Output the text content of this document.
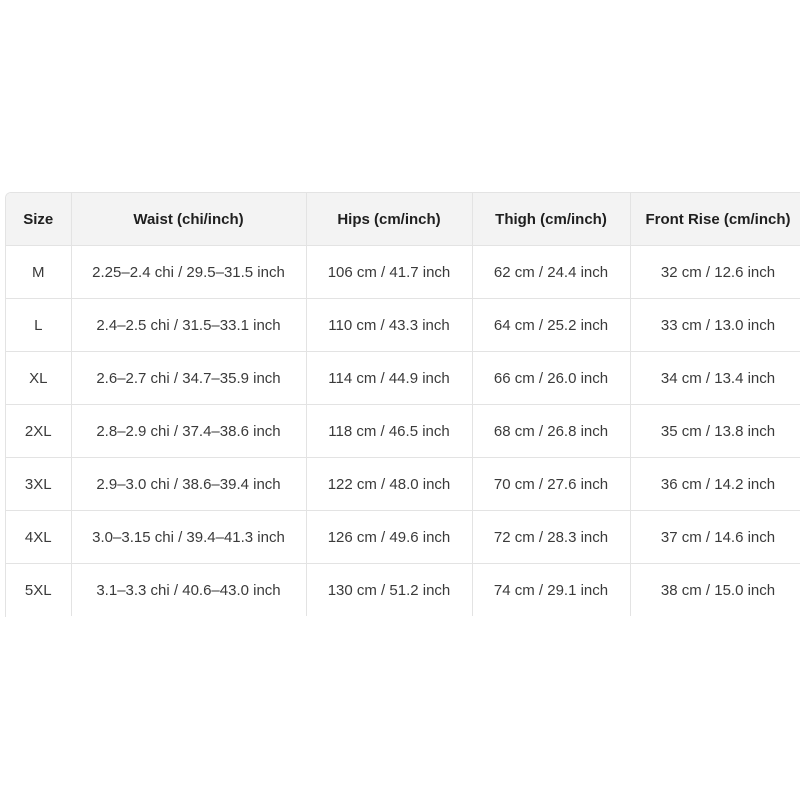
Size	Waist (chi/inch)	Hips (cm/inch)	Thigh (cm/inch)	Front Rise (cm/inch)
M	2.25–2.4 chi / 29.5–31.5 inch	106 cm / 41.7 inch	62 cm / 24.4 inch	32 cm / 12.6 inch
L	2.4–2.5 chi / 31.5–33.1 inch	110 cm / 43.3 inch	64 cm / 25.2 inch	33 cm / 13.0 inch
XL	2.6–2.7 chi / 34.7–35.9 inch	114 cm / 44.9 inch	66 cm / 26.0 inch	34 cm / 13.4 inch
2XL	2.8–2.9 chi / 37.4–38.6 inch	118 cm / 46.5 inch	68 cm / 26.8 inch	35 cm / 13.8 inch
3XL	2.9–3.0 chi / 38.6–39.4 inch	122 cm / 48.0 inch	70 cm / 27.6 inch	36 cm / 14.2 inch
4XL	3.0–3.15 chi / 39.4–41.3 inch	126 cm / 49.6 inch	72 cm / 28.3 inch	37 cm / 14.6 inch
5XL	3.1–3.3 chi / 40.6–43.0 inch	130 cm / 51.2 inch	74 cm / 29.1 inch	38 cm / 15.0 inch
